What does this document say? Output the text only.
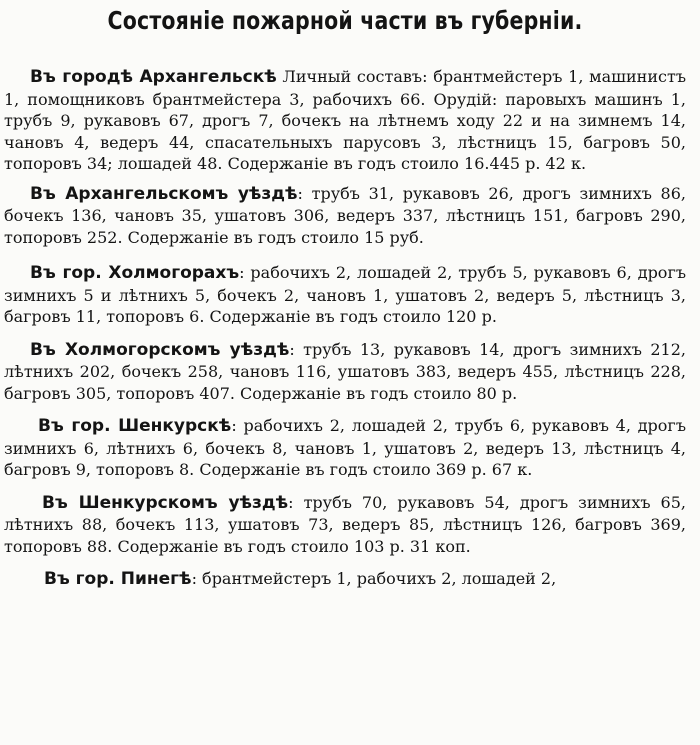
Состояніе пожарной части въ губерніи.

Въ городѣ Архангельскѣ Личный составъ: брантмейстеръ 1, машинистъ 1, помощниковъ брантмейстера 3, рабочихъ 66. Орудій: паровыхъ машинъ 1, трубъ 9, рукавовъ 67, дрогъ 7, бочекъ на лѣтнемъ ходу 22 и на зимнемъ 14, чановъ 4, ведеръ 44, спасательныхъ парусовъ 3, лѣстницъ 15, багровъ 50, топоровъ 34; лошадей 48. Содержаніе въ годъ стоило 16.445 р. 42 к.

Въ Архангельскомъ уѣздѣ: трубъ 31, рукавовъ 26, дрогъ зимнихъ 86, бочекъ 136, чановъ 35, ушатовъ 306, ведеръ 337, лѣстницъ 151, багровъ 290, топоровъ 252. Содержаніе въ годъ стоило 15 руб.

Въ гор. Холмогорахъ: рабочихъ 2, лошадей 2, трубъ 5, рукавовъ 6, дрогъ зимнихъ 5 и лѣтнихъ 5, бочекъ 2, чановъ 1, ушатовъ 2, ведеръ 5, лѣстницъ 3, багровъ 11, топоровъ 6. Содержаніе въ годъ стоило 120 р.

Въ Холмогорскомъ уѣздѣ: трубъ 13, рукавовъ 14, дрогъ зимнихъ 212, лѣтнихъ 202, бочекъ 258, чановъ 116, ушатовъ 383, ведеръ 455, лѣстницъ 228, багровъ 305, топоровъ 407. Содержаніе въ годъ стоило 80 р.

Въ гор. Шенкурскѣ: рабочихъ 2, лошадей 2, трубъ 6, рукавовъ 4, дрогъ зимнихъ 6, лѣтнихъ 6, бочекъ 8, чановъ 1, ушатовъ 2, ведеръ 13, лѣстницъ 4, багровъ 9, топоровъ 8. Содержаніе въ годъ стоило 369 р. 67 к.

Въ Шенкурскомъ уѣздѣ: трубъ 70, рукавовъ 54, дрогъ зимнихъ 65, лѣтнихъ 88, бочекъ 113, ушатовъ 73, ведеръ 85, лѣстницъ 126, багровъ 369, топоровъ 88. Содержаніе въ годъ стоило 103 р. 31 коп.

Въ гор. Пинегѣ: брантмейстеръ 1, рабочихъ 2, лошадей 2,
